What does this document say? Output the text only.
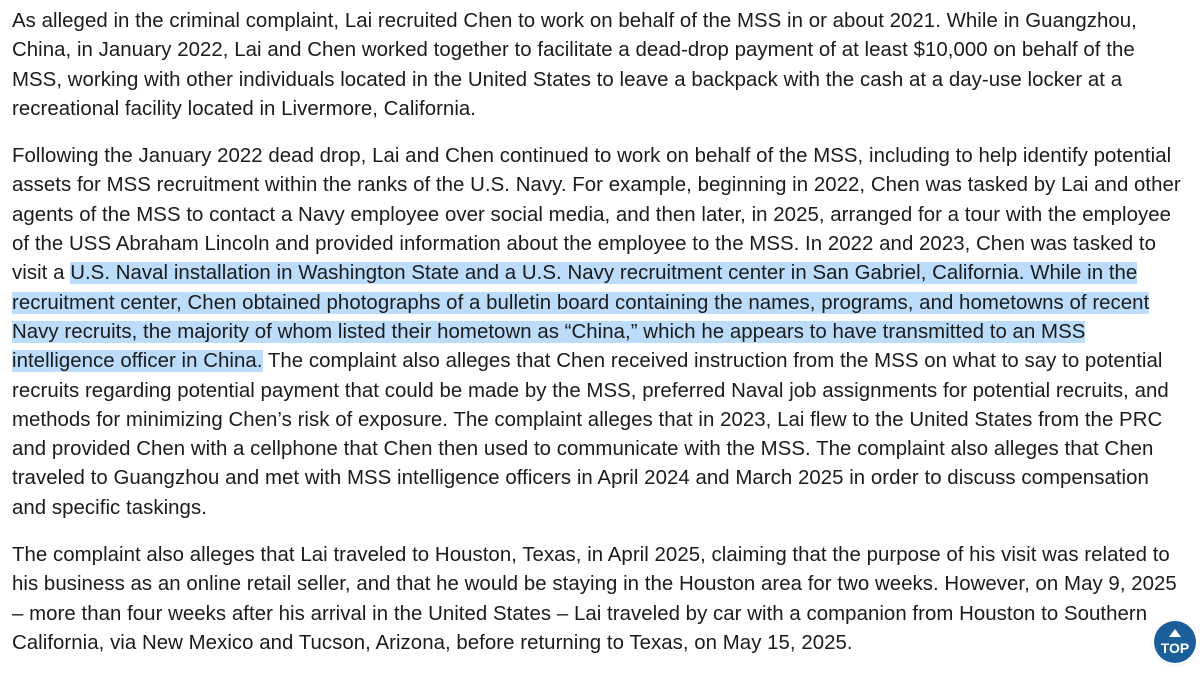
As alleged in the criminal complaint, Lai recruited Chen to work on behalf of the MSS in or about 2021. While in Guangzhou, China, in January 2022, Lai and Chen worked together to facilitate a dead-drop payment of at least $10,000 on behalf of the MSS, working with other individuals located in the United States to leave a backpack with the cash at a day-use locker at a recreational facility located in Livermore, California.

Following the January 2022 dead drop, Lai and Chen continued to work on behalf of the MSS, including to help identify potential assets for MSS recruitment within the ranks of the U.S. Navy. For example, beginning in 2022, Chen was tasked by Lai and other agents of the MSS to contact a Navy employee over social media, and then later, in 2025, arranged for a tour with the employee of the USS Abraham Lincoln and provided information about the employee to the MSS. In 2022 and 2023, Chen was tasked to visit a U.S. Naval installation in Washington State and a U.S. Navy recruitment center in San Gabriel, California. While in the recruitment center, Chen obtained photographs of a bulletin board containing the names, programs, and hometowns of recent Navy recruits, the majority of whom listed their hometown as “China,” which he appears to have transmitted to an MSS intelligence officer in China. The complaint also alleges that Chen received instruction from the MSS on what to say to potential recruits regarding potential payment that could be made by the MSS, preferred Naval job assignments for potential recruits, and methods for minimizing Chen’s risk of exposure. The complaint alleges that in 2023, Lai flew to the United States from the PRC and provided Chen with a cellphone that Chen then used to communicate with the MSS. The complaint also alleges that Chen traveled to Guangzhou and met with MSS intelligence officers in April 2024 and March 2025 in order to discuss compensation and specific taskings.

The complaint also alleges that Lai traveled to Houston, Texas, in April 2025, claiming that the purpose of his visit was related to his business as an online retail seller, and that he would be staying in the Houston area for two weeks. However, on May 9, 2025 – more than four weeks after his arrival in the United States – Lai traveled by car with a companion from Houston to Southern California, via New Mexico and Tucson, Arizona, before returning to Texas, on May 15, 2025.	TOP
